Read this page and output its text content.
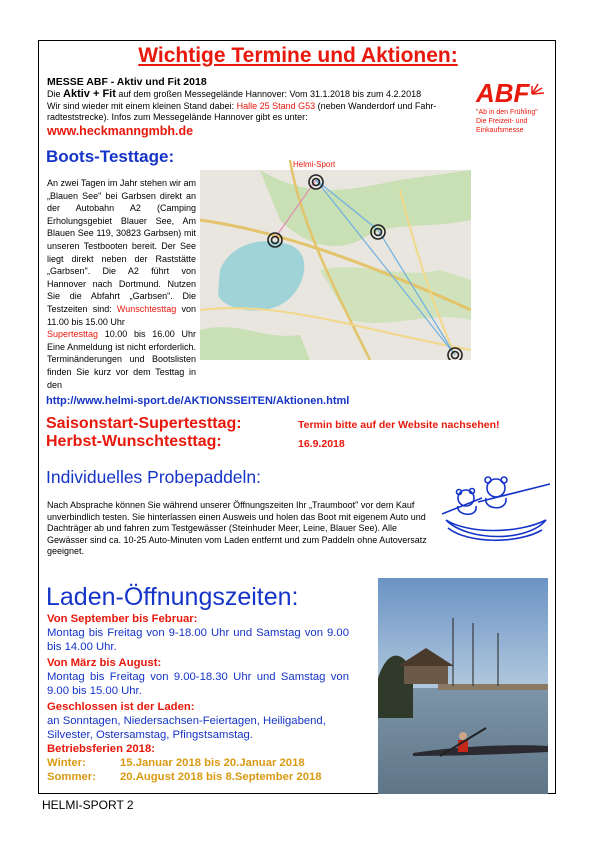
Wichtige Termine und Aktionen:
MESSE ABF - Aktiv und Fit 2018
Die Aktiv + Fit auf dem großen Messegelände Hannover: Vom 31.1.2018 bis zum 4.2.2018
Wir sind wieder mit einem kleinen Stand dabei: Halle 25 Stand G53 (neben Wanderdorf und Fahr-
radteststrecke). Infos zum Messegelände Hannover gibt es unter:
www.heckmanngmbh.de
ABF
"Ab in den Frühling"
Die Freizeit- und
Einkaufsmesse
Boots-Testtage:
An zwei Tagen im Jahr stehen wir am „Blauen See" bei Garbsen direkt an der Autobahn A2 (Camping Erholungsgebiet Blauer See, Am Blauen See 119, 30823 Garbsen) mit unseren Testbooten bereit. Der See liegt direkt neben der Raststätte „Garbsen". Die A2 führt von Hannover nach Dortmund. Nutzen Sie die Abfahrt „Garbsen". Die Testzeiten sind: Wunschtesttag von 11.00 bis 15.00 Uhr
Supertesttag 10.00 bis 16.00 Uhr Eine Anmeldung ist nicht erforderlich. Terminänderungen und Bootslisten finden Sie kurz vor dem Testtag in den
Helmi-Sport
http://www.helmi-sport.de/AKTIONSSEITEN/Aktionen.html
Saisonstart-Supertesttag:	Termin bitte auf der Website nachsehen!
Herbst-Wunschtesttag:	16.9.2018
Individuelles Probepaddeln:
Nach Absprache können Sie während unserer Öffnungszeiten Ihr „Traumboot" vor dem Kauf unverbindlich testen. Sie hinterlassen einen Ausweis und holen das Boot mit eigenem Auto und Dachträger ab und fahren zum Testgewässer (Steinhuder Meer, Leine, Blauer See). Alle Gewässer sind ca. 10-25 Auto-Minuten vom Laden entfernt und zum Paddeln ohne Autoversatz geeignet.
Laden-Öffnungszeiten:
Von September bis Februar:
Montag bis Freitag von 9-18.00 Uhr und Samstag von 9.00 bis 14.00 Uhr.
Von März bis August:
Montag bis Freitag von 9.00-18.30 Uhr und Samstag von 9.00 bis 15.00 Uhr.
Geschlossen ist der Laden:
an Sonntagen, Niedersachsen-Feiertagen, Heiligabend, Silvester, Ostersamstag, Pfingstsamstag.
Betriebsferien 2018:
Winter:	15.Januar 2018 bis 20.Januar 2018
Sommer: 20.August 2018 bis 8.September 2018
HELMI-SPORT 2
